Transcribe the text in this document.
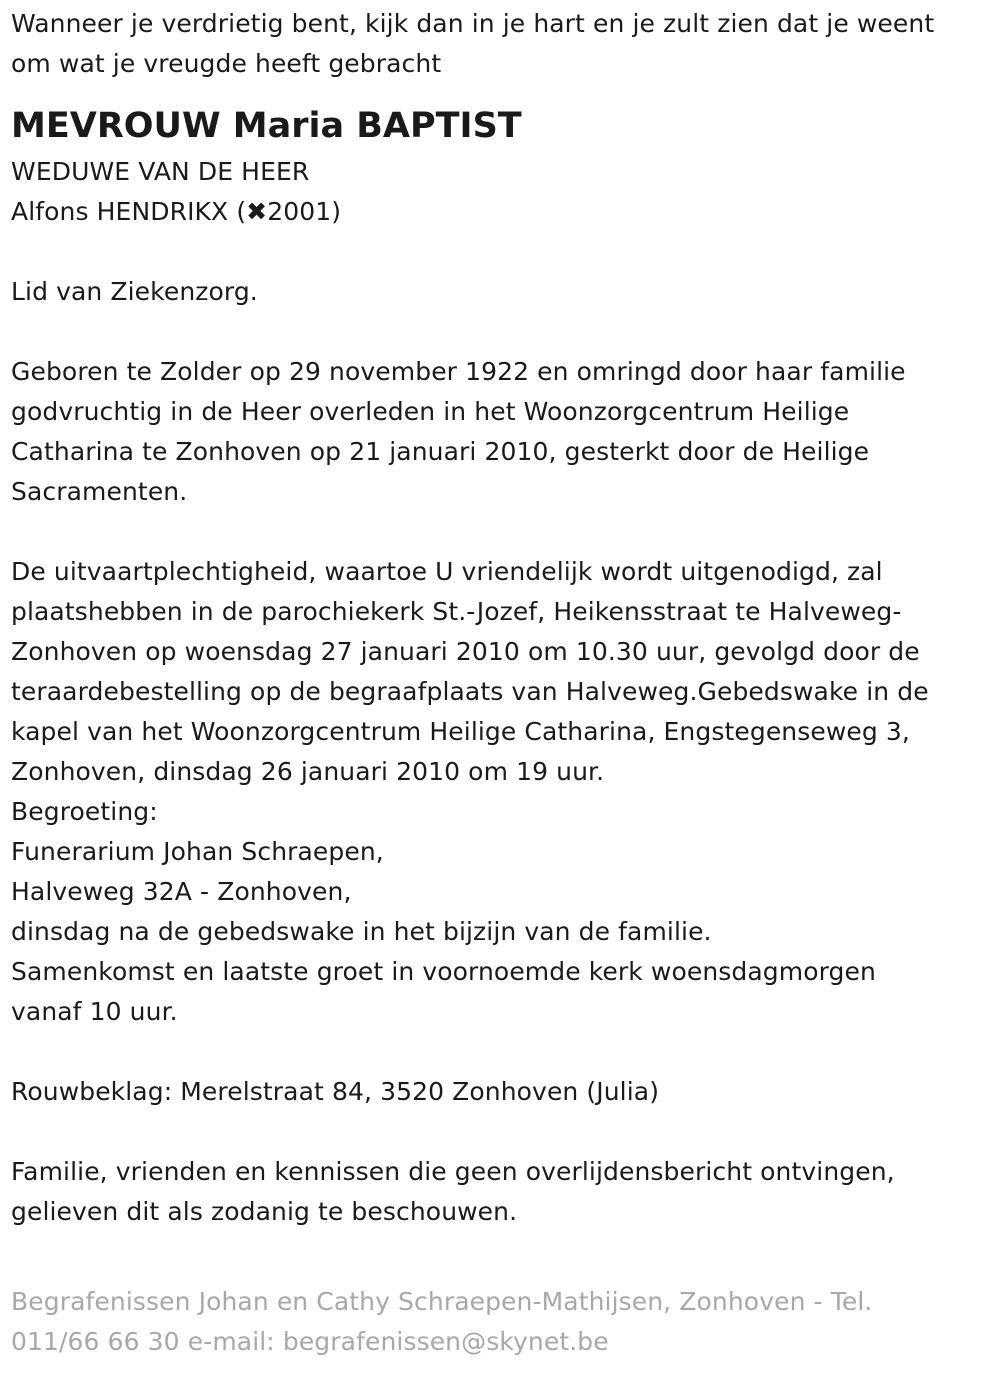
Wanneer je verdrietig bent, kijk dan in je hart en je zult zien dat je weent
om wat je vreugde heeft gebracht
MEVROUW Maria BAPTIST
WEDUWE VAN DE HEER
Alfons HENDRIKX (✖2001)
Lid van Ziekenzorg.
Geboren te Zolder op 29 november 1922 en omringd door haar familie
godvruchtig in de Heer overleden in het Woonzorgcentrum Heilige
Catharina te Zonhoven op 21 januari 2010, gesterkt door de Heilige
Sacramenten.
De uitvaartplechtigheid, waartoe U vriendelijk wordt uitgenodigd, zal
plaatshebben in de parochiekerk St.-Jozef, Heikensstraat te Halveweg-
Zonhoven op woensdag 27 januari 2010 om 10.30 uur, gevolgd door de
teraardebestelling op de begraafplaats van Halveweg.Gebedswake in de
kapel van het Woonzorgcentrum Heilige Catharina, Engstegenseweg 3,
Zonhoven, dinsdag 26 januari 2010 om 19 uur.
Begroeting:
Funerarium Johan Schraepen,
Halveweg 32A - Zonhoven,
dinsdag na de gebedswake in het bijzijn van de familie.
Samenkomst en laatste groet in voornoemde kerk woensdagmorgen
vanaf 10 uur.
Rouwbeklag: Merelstraat 84, 3520 Zonhoven (Julia)
Familie, vrienden en kennissen die geen overlijdensbericht ontvingen,
gelieven dit als zodanig te beschouwen.
Begrafenissen Johan en Cathy Schraepen-Mathijsen, Zonhoven - Tel.
011/66 66 30 e-mail: begrafenissen@skynet.be
